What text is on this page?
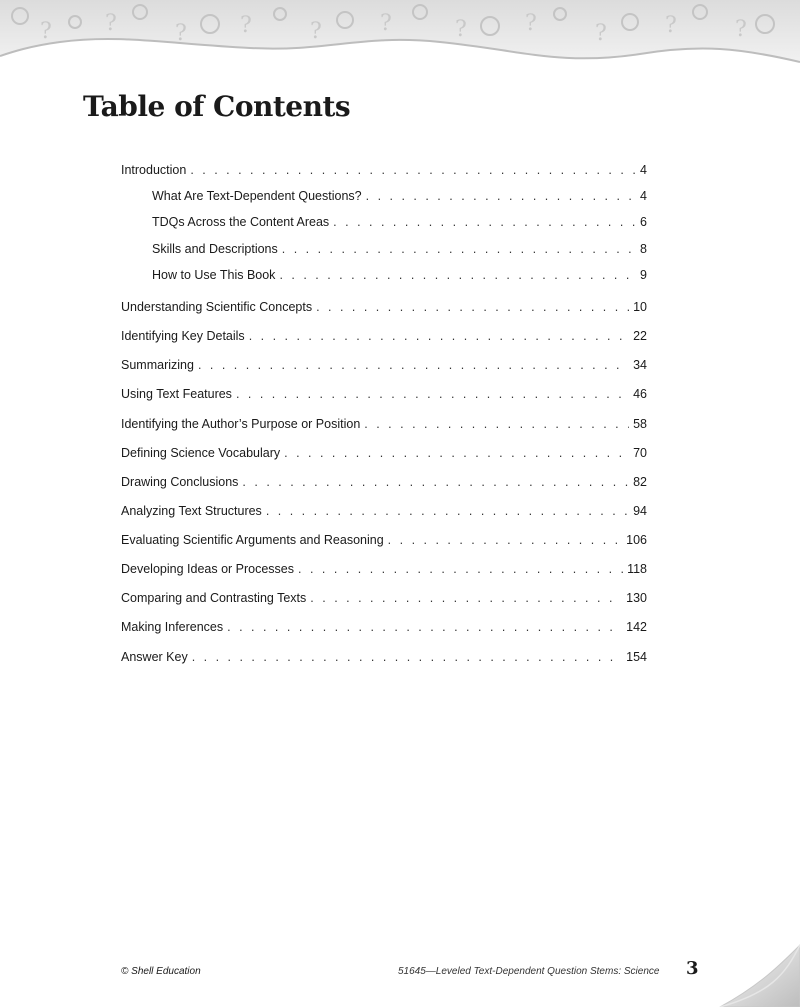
? ?	? ?	?	?	?	?	?	?	?
Table of Contents
Introduction . . .	4
What Are Text-Dependent Questions? . . .	4
TDQs Across the Content Areas . . .	6
Skills and Descriptions . . .	8
How to Use This Book . . .	9
Understanding Scientific Concepts . . .	10
Identifying Key Details . . .	22
Summarizing . . .	34
Using Text Features . . .	46
Identifying the Author’s Purpose or Position . . .	58
Defining Science Vocabulary . . .	70
Drawing Conclusions . . .	82
Analyzing Text Structures . . .	94
Evaluating Scientific Arguments and Reasoning . . .	106
Developing Ideas or Processes . . .	118
Comparing and Contrasting Texts . . .	130
Making Inferences . . .	142
Answer Key . . .	154
© Shell Education	51645—Leveled Text-Dependent Question Stems: Science 3
